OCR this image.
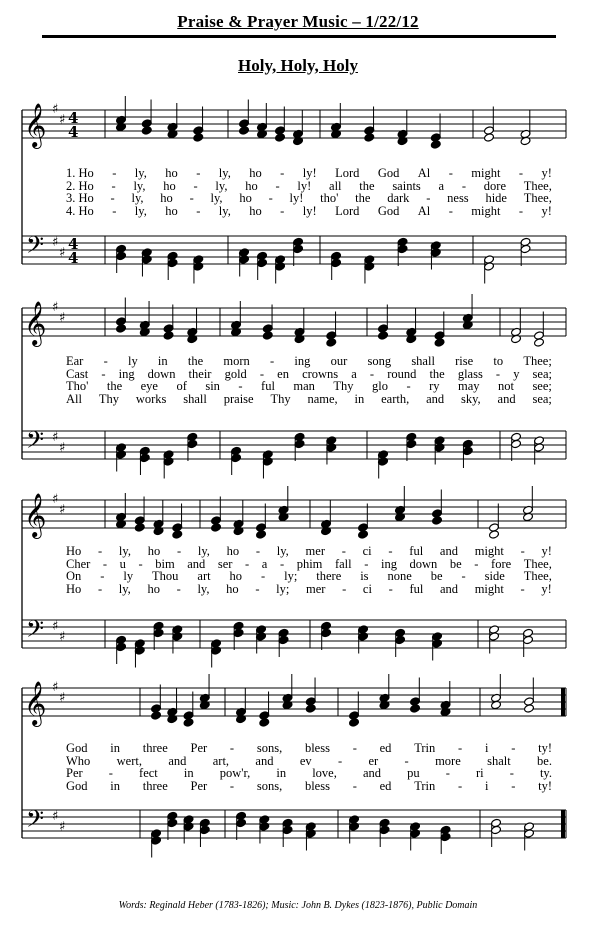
Praise & Prayer Music – 1/22/12
Holy, Holy, Holy
𝄞
𝄢
♯
♯
♯
♯
4
4
4
4
𝄞
𝄢
♯
♯
♯
♯
𝄞
𝄢
♯
♯
♯
♯
𝄞
𝄢
♯
♯
♯
♯
1. Ho - ly, ho - ly, ho - ly! Lord God Al - might - y!
2. Ho - ly, ho - ly, ho - ly! all the saints a - dore Thee,
3. Ho - ly, ho - ly, ho - ly! tho' the dark - ness hide Thee,
4. Ho - ly, ho - ly, ho - ly! Lord God Al - might - y!
Ear - ly in the morn - ing our song shall rise to Thee;
Cast - ing down their gold - en crowns a - round the glass - y sea;
Tho' the eye of sin - ful man Thy glo - ry may not see;
All Thy works shall praise Thy name, in earth, and sky, and sea;
Ho - ly, ho - ly, ho - ly, mer - ci - ful and might - y!
Cher - u - bim and ser - a - phim fall - ing down be - fore Thee,
On - ly Thou art ho - ly; there is none be - side Thee,
Ho - ly, ho - ly, ho - ly; mer - ci - ful and might - y!
God in three Per - sons, bless - ed Trin - i - ty!
Who wert, and art, and ev - er - more shalt be.
Per - fect in pow'r, in love, and pu - ri - ty.
God in three Per - sons, bless - ed Trin - i - ty!
Words: Reginald Heber (1783-1826); Music: John B. Dykes (1823-1876), Public Domain
